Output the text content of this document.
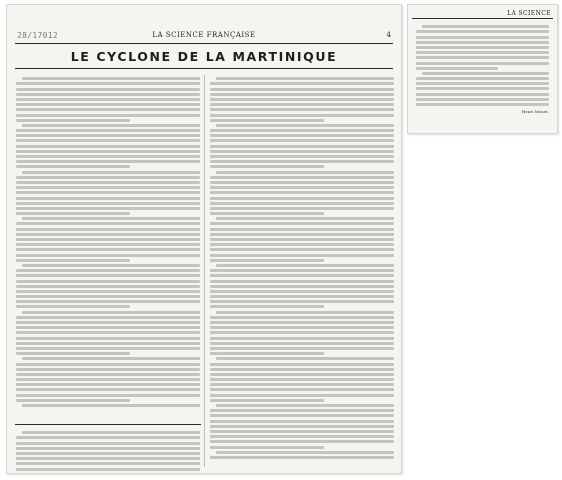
28/17012	LA SCIENCE FRANÇAISE	4
LE CYCLONE DE LA MARTINIQUE
LA SCIENCE
Henri Monet.
